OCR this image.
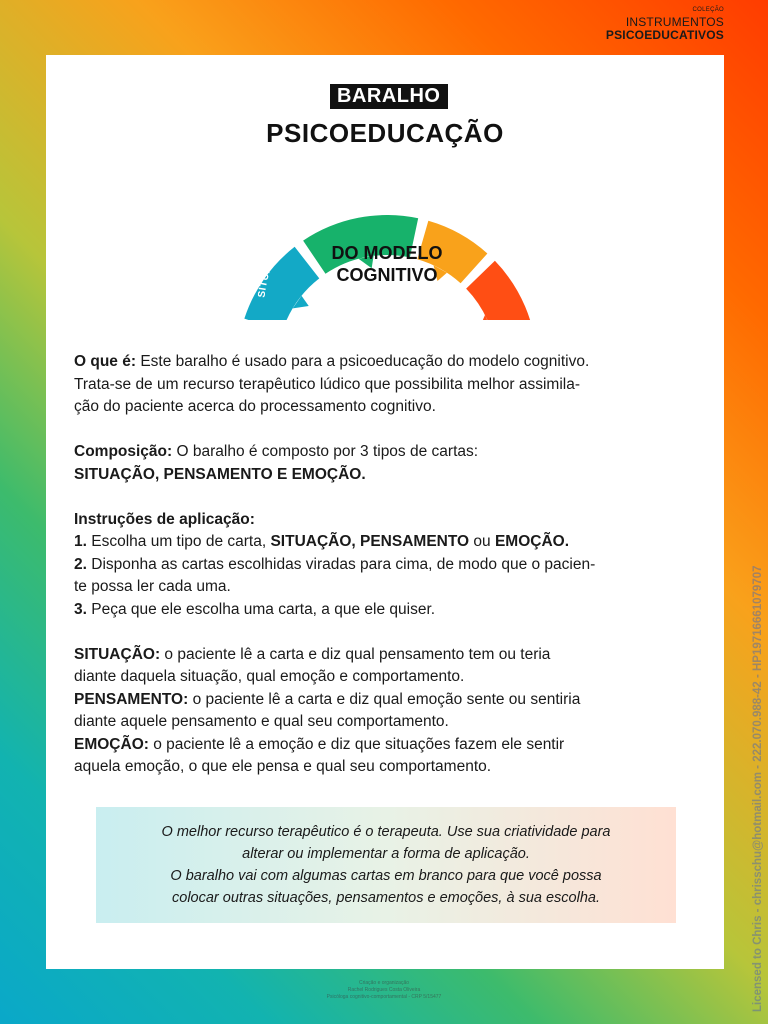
COLEÇÃO
INSTRUMENTOS
PSICOEDUCATIVOS
BARALHO
PSICOEDUCAÇÃO
SITUAÇÃO
PENSAMENTO
EMOÇÃO
COMPORTAMENTO
DO MODELO
COGNITIVO

O que é: Este baralho é usado para a psicoeducação do modelo cognitivo.

Trata-se de um recurso terapêutico lúdico que possibilita melhor assimila-

ção do paciente acerca do processamento cognitivo.

Composição: O baralho é composto por 3 tipos de cartas:

SITUAÇÃO, PENSAMENTO E EMOÇÃO.

Instruções de aplicação:

1. Escolha um tipo de carta, SITUAÇÃO, PENSAMENTO ou EMOÇÃO.

2. Disponha as cartas escolhidas viradas para cima, de modo que o pacien-

te possa ler cada uma.

3. Peça que ele escolha uma carta, a que ele quiser.

SITUAÇÃO: o paciente lê a carta e diz qual pensamento tem ou teria

diante daquela situação, qual emoção e comportamento.

PENSAMENTO: o paciente lê a carta e diz qual emoção sente ou sentiria

diante aquele pensamento e qual seu comportamento.

EMOÇÃO: o paciente lê a emoção e diz que situações fazem ele sentir

aquela emoção, o que ele pensa e qual seu comportamento.

O melhor recurso terapêutico é o terapeuta. Use sua criatividade para
alterar ou implementar a forma de aplicação.
O baralho vai com algumas cartas em branco para que você possa
colocar outras situações, pensamentos e emoções, à sua escolha.
Criação e organização
Rachel Rodrigues Costa Oliveira
Psicóloga cognitivo-comportamental - CRP 5/15477	Licensed to Chris - chrisschu@hotmail.com - 222.070.988-42 - HP19716661079707
